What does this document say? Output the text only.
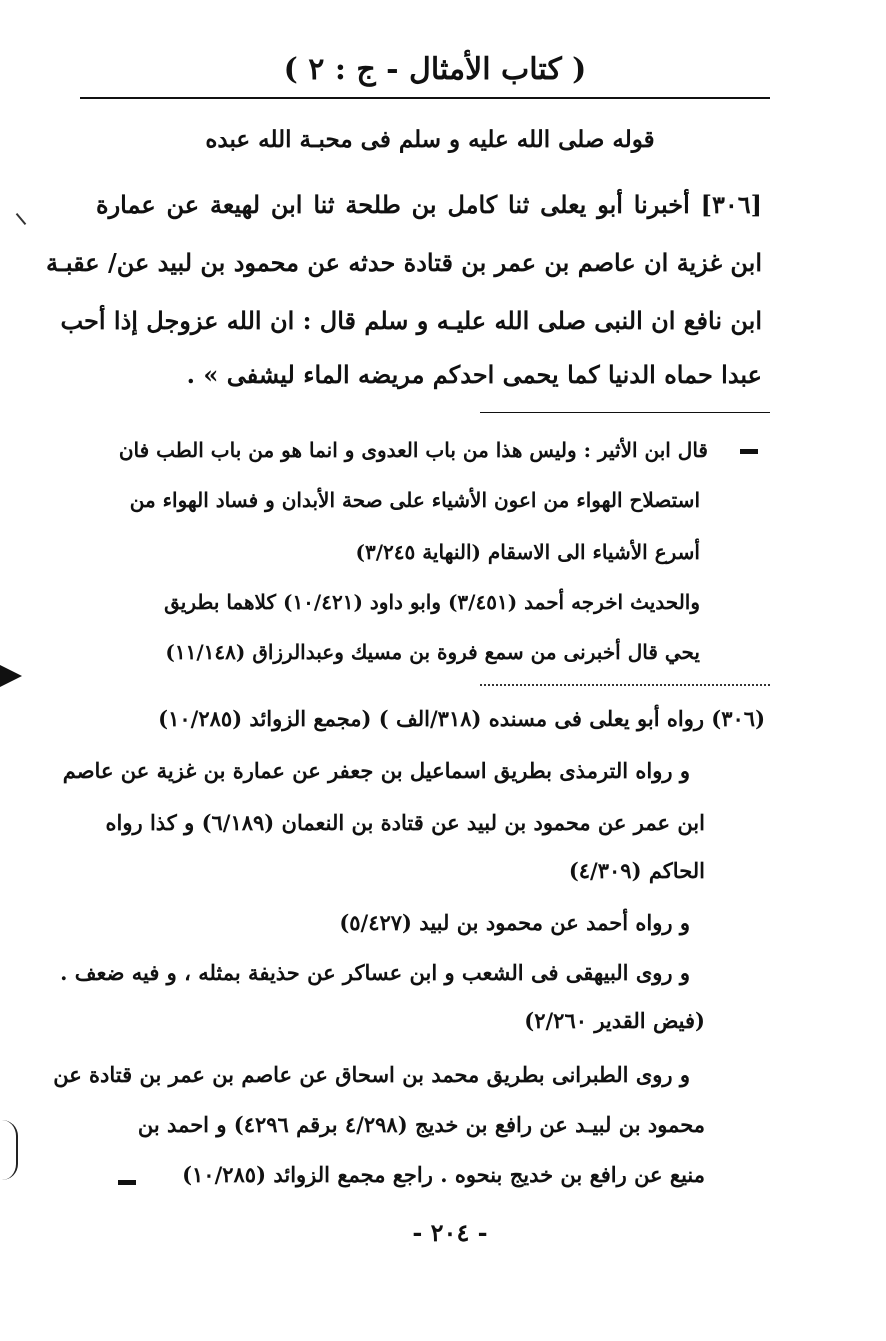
( كتاب الأمثال - ج : ٢ )
قوله صلى الله عليه و سلم فى محبـة الله عبده
[٣٠٦] أخبرنا أبو يعلى ثنا كامل بن طلحة ثنا ابن لهيعة عن عمارة
ابن غزية ان عاصم بن عمر بن قتادة حدثه عن محمود بن لبيد عن/ عقبـة
ابن نافع ان النبى صلى الله عليـه و سلم قال : ان الله عزوجل إذا أحب
عبدا حماه الدنيا كما يحمى احدكم مريضه الماء ليشفى » .
قال ابن الأثير : وليس هذا من باب العدوى و انما هو من باب الطب فان
استصلاح الهواء من اعون الأشياء على صحة الأبدان و فساد الهواء من
أسرع الأشياء الى الاسقام (النهاية ٣/٢٤٥)
والحديث اخرجه أحمد (٣/٤٥١) وابو داود (١٠/٤٢١) كلاهما بطريق
يحي قال أخبرنى من سمع فروة بن مسيك وعبدالرزاق (١١/١٤٨)
(٣٠٦) رواه أبو يعلى فى مسنده (٣١٨/الف ) (مجمع الزوائد (١٠/٢٨٥)
و رواه الترمذى بطريق اسماعيل بن جعفر عن عمارة بن غزية عن عاصم
ابن عمر عن محمود بن لبيد عن قتادة بن النعمان (٦/١٨٩) و كذا رواه
الحاكم (٤/٣٠٩)
و رواه أحمد عن محمود بن لبيد (٥/٤٢٧)
و روى البيهقى فى الشعب و ابن عساكر عن حذيفة بمثله ، و فيه ضعف .
(فيض القدير ٢/٢٦٠)
و روى الطبرانى بطريق محمد بن اسحاق عن عاصم بن عمر بن قتادة عن
محمود بن لبيـد عن رافع بن خديج (٤/٢٩٨ برقم ٤٢٩٦) و احمد بن
منيع عن رافع بن خديج بنحوه . راجع مجمع الزوائد (١٠/٢٨٥)
- ٢٠٤ -
